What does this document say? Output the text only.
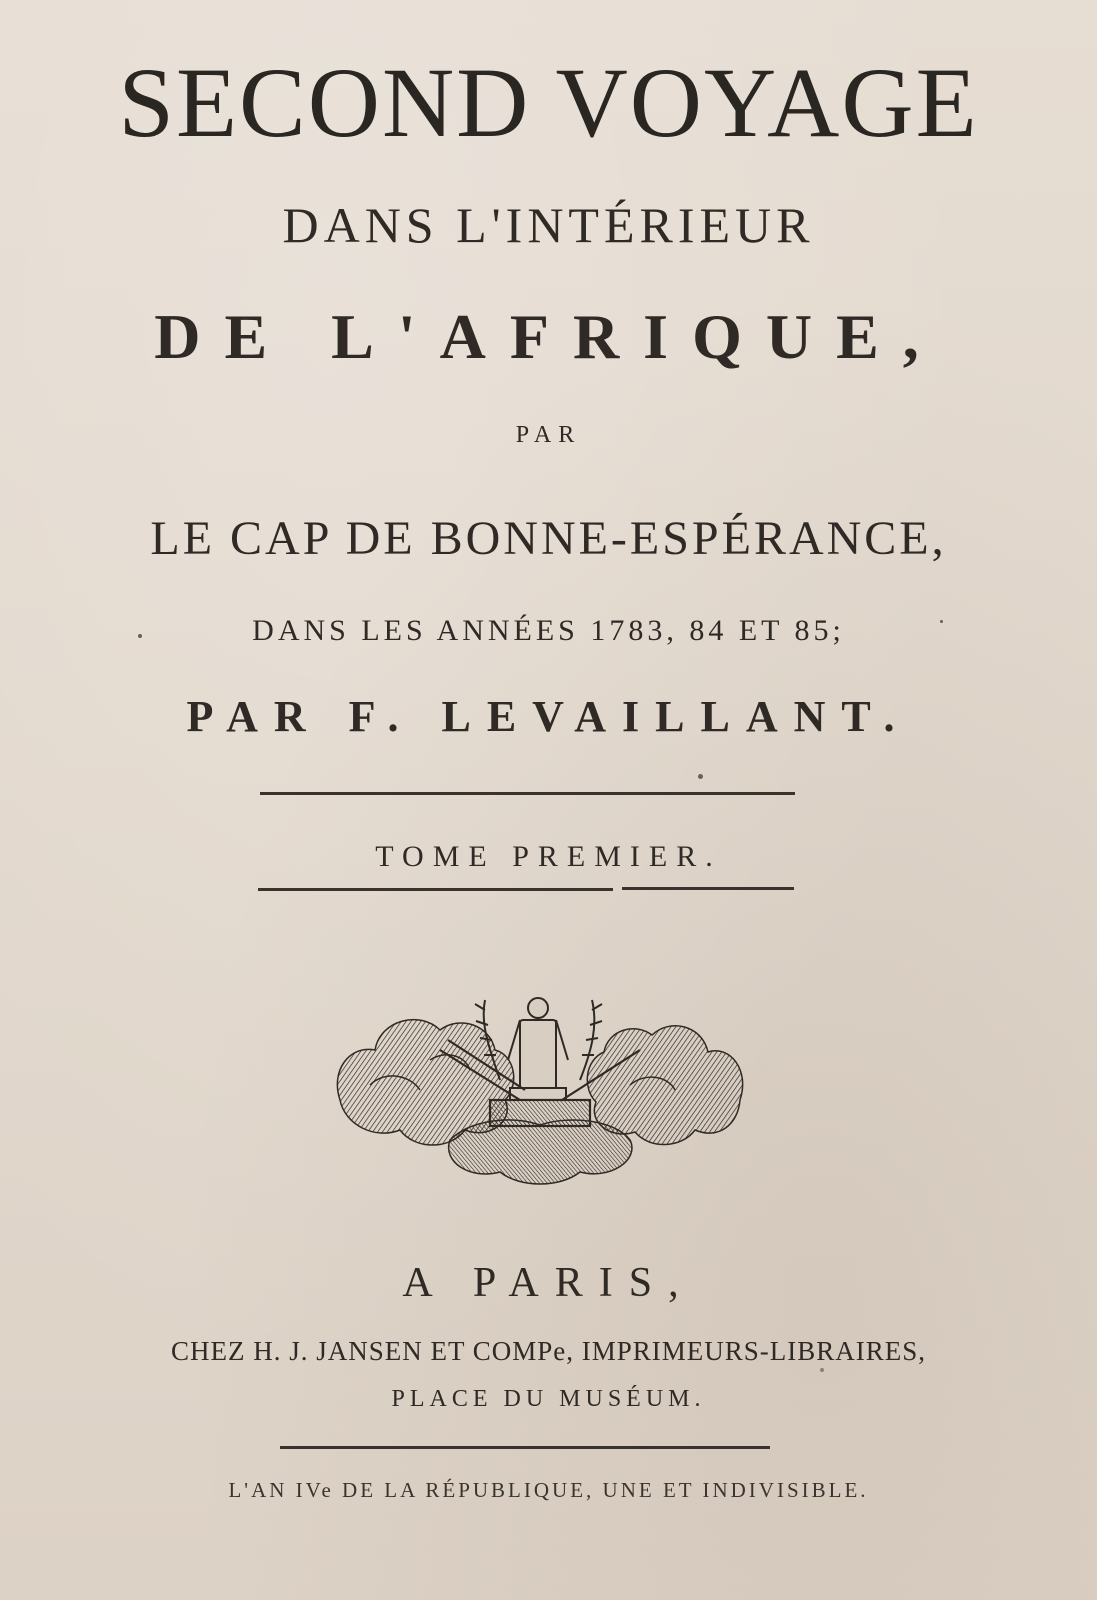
SECOND VOYAGE
DANS L'INTÉRIEUR
DE L'AFRIQUE,
PAR
LE CAP DE BONNE-ESPÉRANCE,
DANS LES ANNÉES 1783, 84 ET 85;
PAR F. LEVAILLANT.
TOME PREMIER.
A PARIS,
CHEZ H. J. JANSEN ET COMPe, IMPRIMEURS-LIBRAIRES,
PLACE DU MUSÉUM.
L'AN IVe DE LA RÉPUBLIQUE, UNE ET INDIVISIBLE.
